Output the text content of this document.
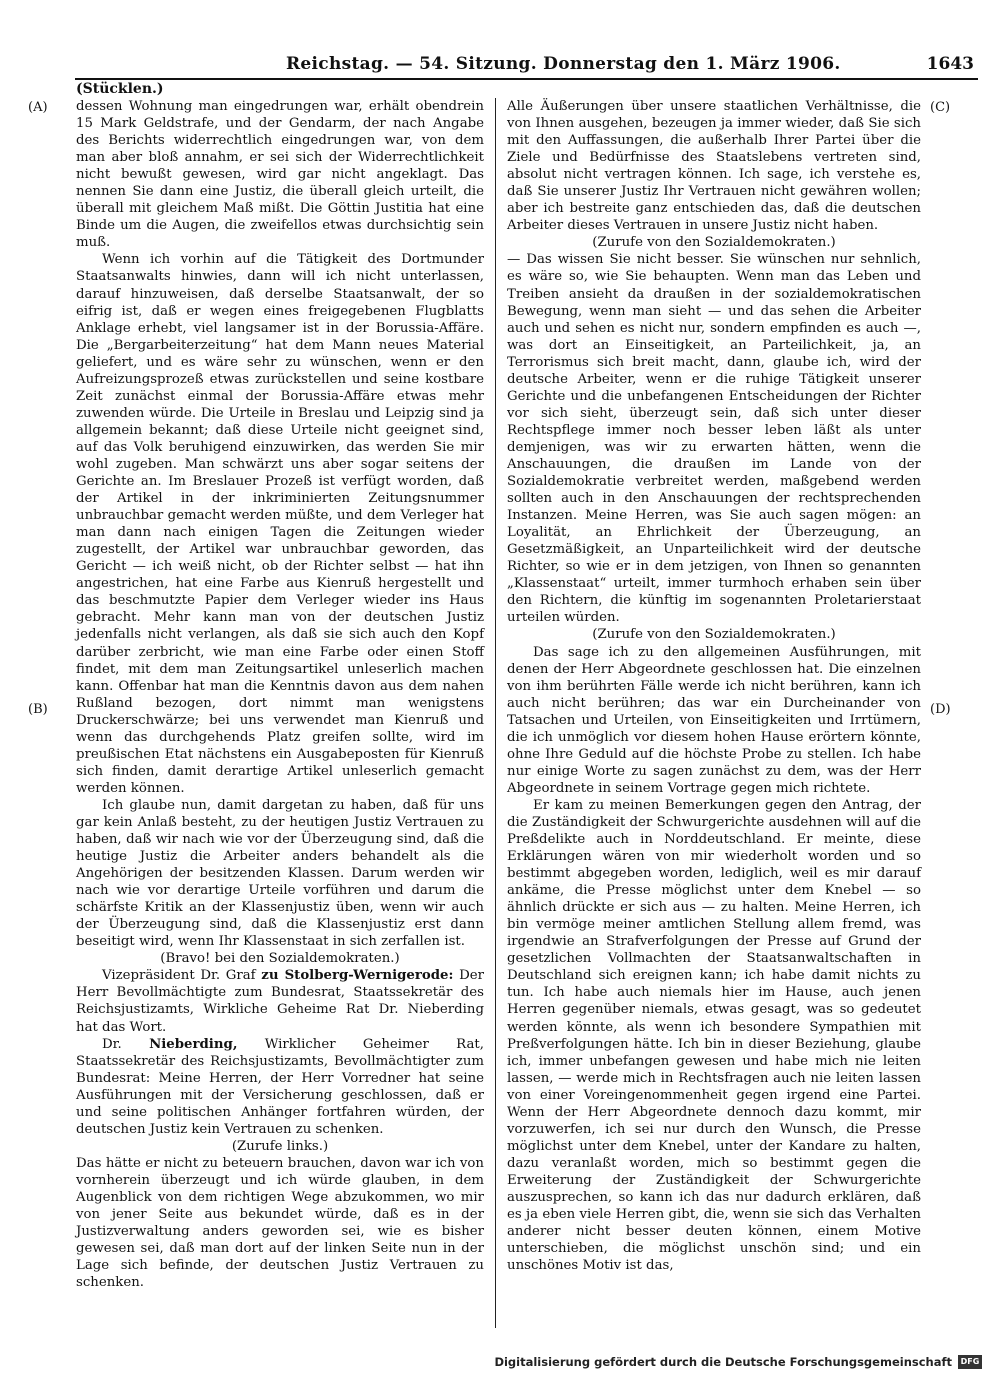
Reichstag. — 54. Sitzung. Donnerstag den 1. März 1906.	1643
(Stücklen.)
(A)
(B)
(C)
(D)

dessen Wohnung man eingedrungen war, erhält obendrein 15 Mark Geldstrafe, und der Gendarm, der nach Angabe des Berichts widerrechtlich eingedrungen war, von dem man aber bloß annahm, er sei sich der Widerrechtlichkeit nicht bewußt gewesen, wird gar nicht angeklagt. Das nennen Sie dann eine Justiz, die überall gleich urteilt, die überall mit gleichem Maß mißt. Die Göttin Justitia hat eine Binde um die Augen, die zweifellos etwas durchsichtig sein muß.

Wenn ich vorhin auf die Tätigkeit des Dortmunder Staatsanwalts hinwies, dann will ich nicht unterlassen, darauf hinzuweisen, daß derselbe Staatsanwalt, der so eifrig ist, daß er wegen eines freigegebenen Flugblatts Anklage erhebt, viel langsamer ist in der Borussia-Affäre. Die „Bergarbeiterzeitung“ hat dem Mann neues Material geliefert, und es wäre sehr zu wünschen, wenn er den Aufreizungsprozeß etwas zurückstellen und seine kostbare Zeit zunächst einmal der Borussia-Affäre etwas mehr zuwenden würde. Die Urteile in Breslau und Leipzig sind ja allgemein bekannt; daß diese Urteile nicht geeignet sind, auf das Volk beruhigend einzuwirken, das werden Sie mir wohl zugeben. Man schwärzt uns aber sogar seitens der Gerichte an. Im Breslauer Prozeß ist verfügt worden, daß der Artikel in der inkriminierten Zeitungsnummer unbrauchbar gemacht werden müßte, und dem Verleger hat man dann nach einigen Tagen die Zeitungen wieder zugestellt, der Artikel war unbrauchbar geworden, das Gericht — ich weiß nicht, ob der Richter selbst — hat ihn angestrichen, hat eine Farbe aus Kienruß hergestellt und das beschmutzte Papier dem Verleger wieder ins Haus gebracht. Mehr kann man von der deutschen Justiz jedenfalls nicht verlangen, als daß sie sich auch den Kopf darüber zerbricht, wie man eine Farbe oder einen Stoff findet, mit dem man Zeitungsartikel unleserlich machen kann. Offenbar hat man die Kenntnis davon aus dem nahen Rußland bezogen, dort nimmt man wenigstens Druckerschwärze; bei uns verwendet man Kienruß und wenn das durchgehends Platz greifen sollte, wird im preußischen Etat nächstens ein Ausgabeposten für Kienruß sich finden, damit derartige Artikel unleserlich gemacht werden können.

Ich glaube nun, damit dargetan zu haben, daß für uns gar kein Anlaß besteht, zu der heutigen Justiz Vertrauen zu haben, daß wir nach wie vor der Überzeugung sind, daß die heutige Justiz die Arbeiter anders behandelt als die Angehörigen der besitzenden Klassen. Darum werden wir nach wie vor derartige Urteile vorführen und darum die schärfste Kritik an der Klassenjustiz üben, wenn wir auch der Überzeugung sind, daß die Klassenjustiz erst dann beseitigt wird, wenn Ihr Klassenstaat in sich zerfallen ist.

(Bravo! bei den Sozialdemokraten.)

Vizepräsident Dr. Graf zu Stolberg-Wernigerode: Der Herr Bevollmächtigte zum Bundesrat, Staatssekretär des Reichsjustizamts, Wirkliche Geheime Rat Dr. Nieberding hat das Wort.

Dr. Nieberding, Wirklicher Geheimer Rat, Staatssekretär des Reichsjustizamts, Bevollmächtigter zum Bundesrat: Meine Herren, der Herr Vorredner hat seine Ausführungen mit der Versicherung geschlossen, daß er und seine politischen Anhänger fortfahren würden, der deutschen Justiz kein Vertrauen zu schenken.

(Zurufe links.)

Das hätte er nicht zu beteuern brauchen, davon war ich von vornherein überzeugt und ich würde glauben, in dem Augenblick von dem richtigen Wege abzukommen, wo mir von jener Seite aus bekundet würde, daß es in der Justizverwaltung anders geworden sei, wie es bisher gewesen sei, daß man dort auf der linken Seite nun in der Lage sich befinde, der deutschen Justiz Vertrauen zu schenken.

Alle Äußerungen über unsere staatlichen Verhältnisse, die von Ihnen ausgehen, bezeugen ja immer wieder, daß Sie sich mit den Auffassungen, die außerhalb Ihrer Partei über die Ziele und Bedürfnisse des Staatslebens vertreten sind, absolut nicht vertragen können. Ich sage, ich verstehe es, daß Sie unserer Justiz Ihr Vertrauen nicht gewähren wollen; aber ich bestreite ganz entschieden das, daß die deutschen Arbeiter dieses Vertrauen in unsere Justiz nicht haben.

(Zurufe von den Sozialdemokraten.)

— Das wissen Sie nicht besser. Sie wünschen nur sehnlich, es wäre so, wie Sie behaupten. Wenn man das Leben und Treiben ansieht da draußen in der sozialdemokratischen Bewegung, wenn man sieht — und das sehen die Arbeiter auch und sehen es nicht nur, sondern empfinden es auch —, was dort an Einseitigkeit, an Parteilichkeit, ja, an Terrorismus sich breit macht, dann, glaube ich, wird der deutsche Arbeiter, wenn er die ruhige Tätigkeit unserer Gerichte und die unbefangenen Entscheidungen der Richter vor sich sieht, überzeugt sein, daß sich unter dieser Rechtspflege immer noch besser leben läßt als unter demjenigen, was wir zu erwarten hätten, wenn die Anschauungen, die draußen im Lande von der Sozialdemokratie verbreitet werden, maßgebend werden sollten auch in den Anschauungen der rechtsprechenden Instanzen. Meine Herren, was Sie auch sagen mögen: an Loyalität, an Ehrlichkeit der Überzeugung, an Gesetzmäßigkeit, an Unparteilichkeit wird der deutsche Richter, so wie er in dem jetzigen, von Ihnen so genannten „Klassenstaat“ urteilt, immer turmhoch erhaben sein über den Richtern, die künftig im sogenannten Proletarierstaat urteilen würden.

(Zurufe von den Sozialdemokraten.)

Das sage ich zu den allgemeinen Ausführungen, mit denen der Herr Abgeordnete geschlossen hat. Die einzelnen von ihm berührten Fälle werde ich nicht berühren, kann ich auch nicht berühren; das war ein Durcheinander von Tatsachen und Urteilen, von Einseitigkeiten und Irrtümern, die ich unmöglich vor diesem hohen Hause erörtern könnte, ohne Ihre Geduld auf die höchste Probe zu stellen. Ich habe nur einige Worte zu sagen zunächst zu dem, was der Herr Abgeordnete in seinem Vortrage gegen mich richtete.

Er kam zu meinen Bemerkungen gegen den Antrag, der die Zuständigkeit der Schwurgerichte ausdehnen will auf die Preßdelikte auch in Norddeutschland. Er meinte, diese Erklärungen wären von mir wiederholt worden und so bestimmt abgegeben worden, lediglich, weil es mir darauf ankäme, die Presse möglichst unter dem Knebel — so ähnlich drückte er sich aus — zu halten. Meine Herren, ich bin vermöge meiner amtlichen Stellung allem fremd, was irgendwie an Strafverfolgungen der Presse auf Grund der gesetzlichen Vollmachten der Staatsanwaltschaften in Deutschland sich ereignen kann; ich habe damit nichts zu tun. Ich habe auch niemals hier im Hause, auch jenen Herren gegenüber niemals, etwas gesagt, was so gedeutet werden könnte, als wenn ich besondere Sympathien mit Preßverfolgungen hätte. Ich bin in dieser Beziehung, glaube ich, immer unbefangen gewesen und habe mich nie leiten lassen, — werde mich in Rechtsfragen auch nie leiten lassen von einer Voreingenommenheit gegen irgend eine Partei. Wenn der Herr Abgeordnete dennoch dazu kommt, mir vorzuwerfen, ich sei nur durch den Wunsch, die Presse möglichst unter dem Knebel, unter der Kandare zu halten, dazu veranlaßt worden, mich so bestimmt gegen die Erweiterung der Zuständigkeit der Schwurgerichte auszusprechen, so kann ich das nur dadurch erklären, daß es ja eben viele Herren gibt, die, wenn sie sich das Verhalten anderer nicht besser deuten können, einem Motive unterschieben, die möglichst unschön sind; und ein unschönes Motiv ist das,

Digitalisierung gefördert durch die Deutsche Forschungsgemeinschaft	DFG
